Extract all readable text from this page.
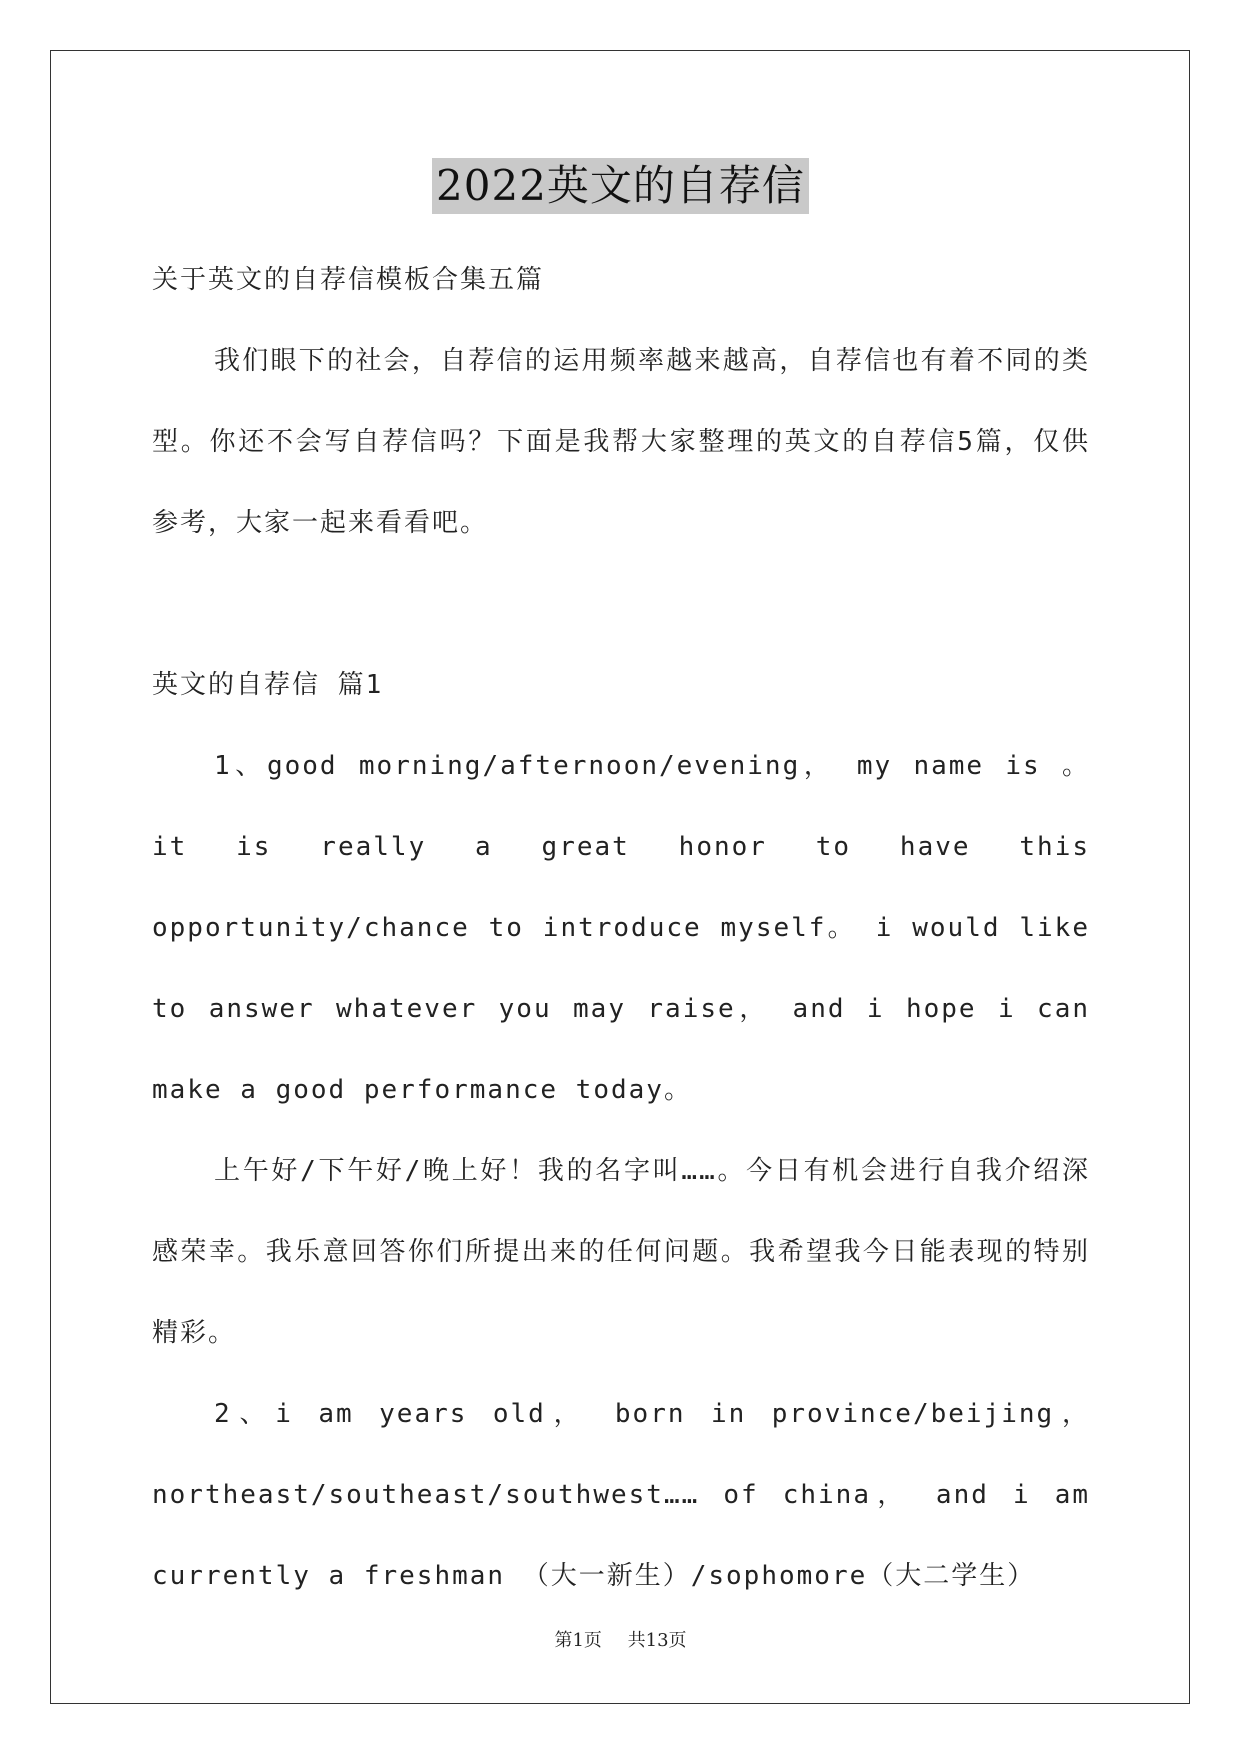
2022英文的自荐信

关于英文的自荐信模板合集五篇

我们眼下的社会，自荐信的运用频率越来越高，自荐信也有着不同的类型。你还不会写自荐信吗？下面是我帮大家整理的英文的自荐信5篇，仅供参考，大家一起来看看吧。

英文的自荐信 篇1

1、good morning/afternoon/evening， my name is 。 it is really a great honor to have this opportunity/chance to introduce myself。 i would like to answer whatever you may raise， and i hope i can make a good performance today。

上午好/下午好/晚上好！我的名字叫……。今日有机会进行自我介绍深感荣幸。我乐意回答你们所提出来的任何问题。我希望我今日能表现的特别精彩。

2、i am years old， born in province/beijing，northeast/southeast/southwest…… of china， and i am currently a freshman （大一新生）/sophomore（大二学生）

第1页 共13页
